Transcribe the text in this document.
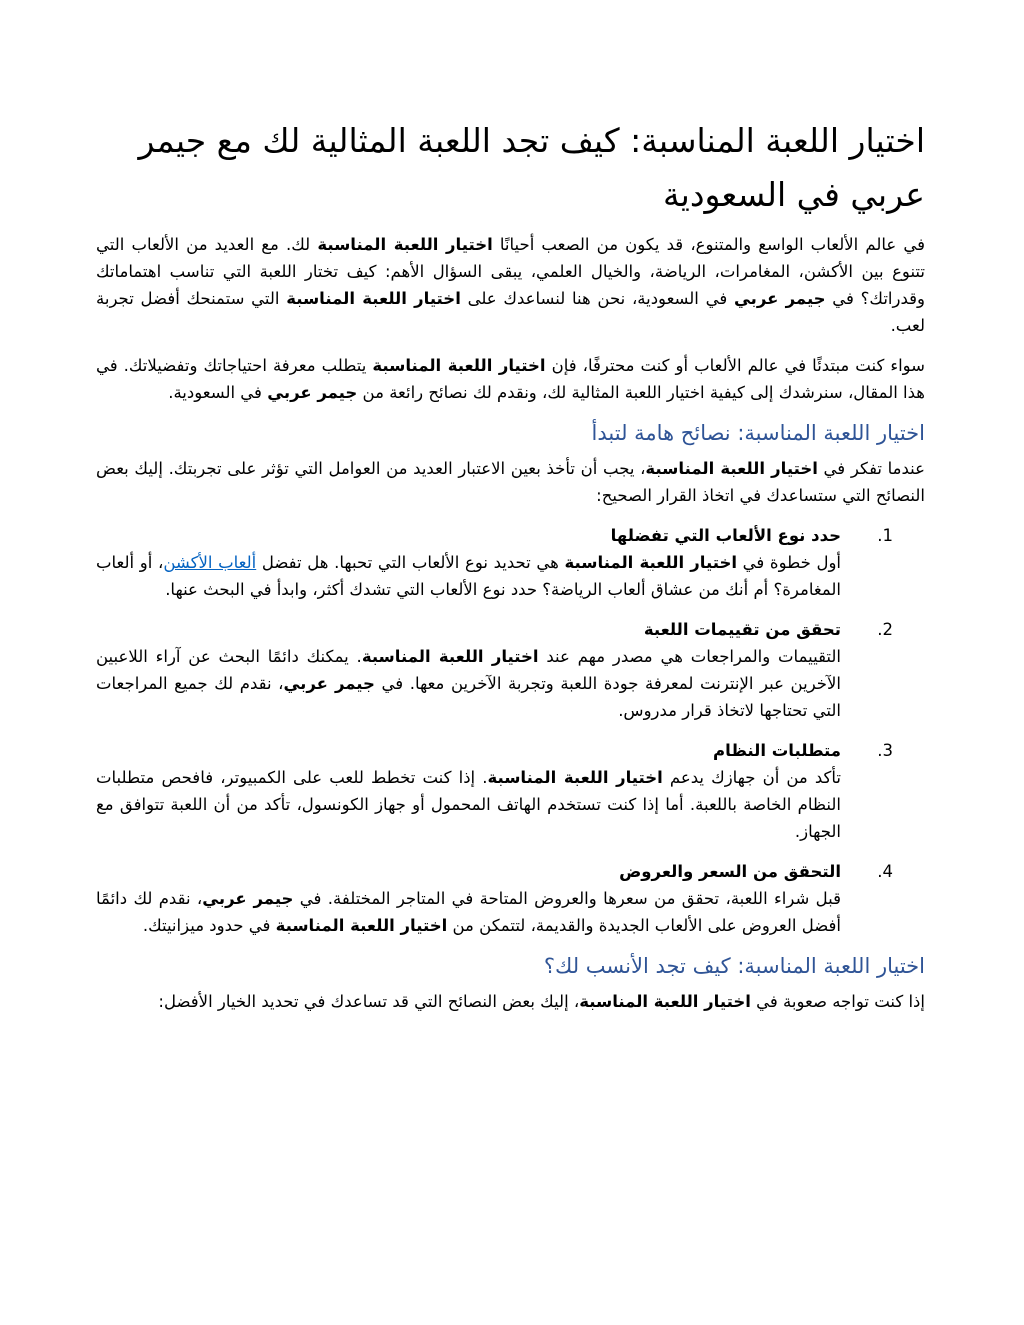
اختيار اللعبة المناسبة: كيف تجد اللعبة المثالية لك مع جيمر عربي في السعودية

في عالم الألعاب الواسع والمتنوع، قد يكون من الصعب أحيانًا اختيار اللعبة المناسبة لك. مع العديد من الألعاب التي تتنوع بين الأكشن، المغامرات، الرياضة، والخيال العلمي، يبقى السؤال الأهم: كيف تختار اللعبة التي تناسب اهتماماتك وقدراتك؟ في جيمر عربي في السعودية، نحن هنا لنساعدك على اختيار اللعبة المناسبة التي ستمنحك أفضل تجربة لعب.

سواء كنت مبتدئًا في عالم الألعاب أو كنت محترفًا، فإن اختيار اللعبة المناسبة يتطلب معرفة احتياجاتك وتفضيلاتك. في هذا المقال، سنرشدك إلى كيفية اختيار اللعبة المثالية لك، ونقدم لك نصائح رائعة من جيمر عربي في السعودية.

اختيار اللعبة المناسبة: نصائح هامة لتبدأ

عندما تفكر في اختيار اللعبة المناسبة، يجب أن تأخذ بعين الاعتبار العديد من العوامل التي تؤثر على تجربتك. إليك بعض النصائح التي ستساعدك في اتخاذ القرار الصحيح:

1.
حدد نوع الألعاب التي تفضلها
أول خطوة في اختيار اللعبة المناسبة هي تحديد نوع الألعاب التي تحبها. هل تفضل ألعاب الأكشن، أو ألعاب المغامرة؟ أم أنك من عشاق ألعاب الرياضة؟ حدد نوع الألعاب التي تشدك أكثر، وابدأ في البحث عنها.
2.
تحقق من تقييمات اللعبة
التقييمات والمراجعات هي مصدر مهم عند اختيار اللعبة المناسبة. يمكنك دائمًا البحث عن آراء اللاعبين الآخرين عبر الإنترنت لمعرفة جودة اللعبة وتجربة الآخرين معها. في جيمر عربي، نقدم لك جميع المراجعات التي تحتاجها لاتخاذ قرار مدروس.
3.
متطلبات النظام
تأكد من أن جهازك يدعم اختيار اللعبة المناسبة. إذا كنت تخطط للعب على الكمبيوتر، فافحص متطلبات النظام الخاصة باللعبة. أما إذا كنت تستخدم الهاتف المحمول أو جهاز الكونسول، تأكد من أن اللعبة تتوافق مع الجهاز.
4.
التحقق من السعر والعروض
قبل شراء اللعبة، تحقق من سعرها والعروض المتاحة في المتاجر المختلفة. في جيمر عربي، نقدم لك دائمًا أفضل العروض على الألعاب الجديدة والقديمة، لتتمكن من اختيار اللعبة المناسبة في حدود ميزانيتك.
اختيار اللعبة المناسبة: كيف تجد الأنسب لك؟

إذا كنت تواجه صعوبة في اختيار اللعبة المناسبة، إليك بعض النصائح التي قد تساعدك في تحديد الخيار الأفضل:
